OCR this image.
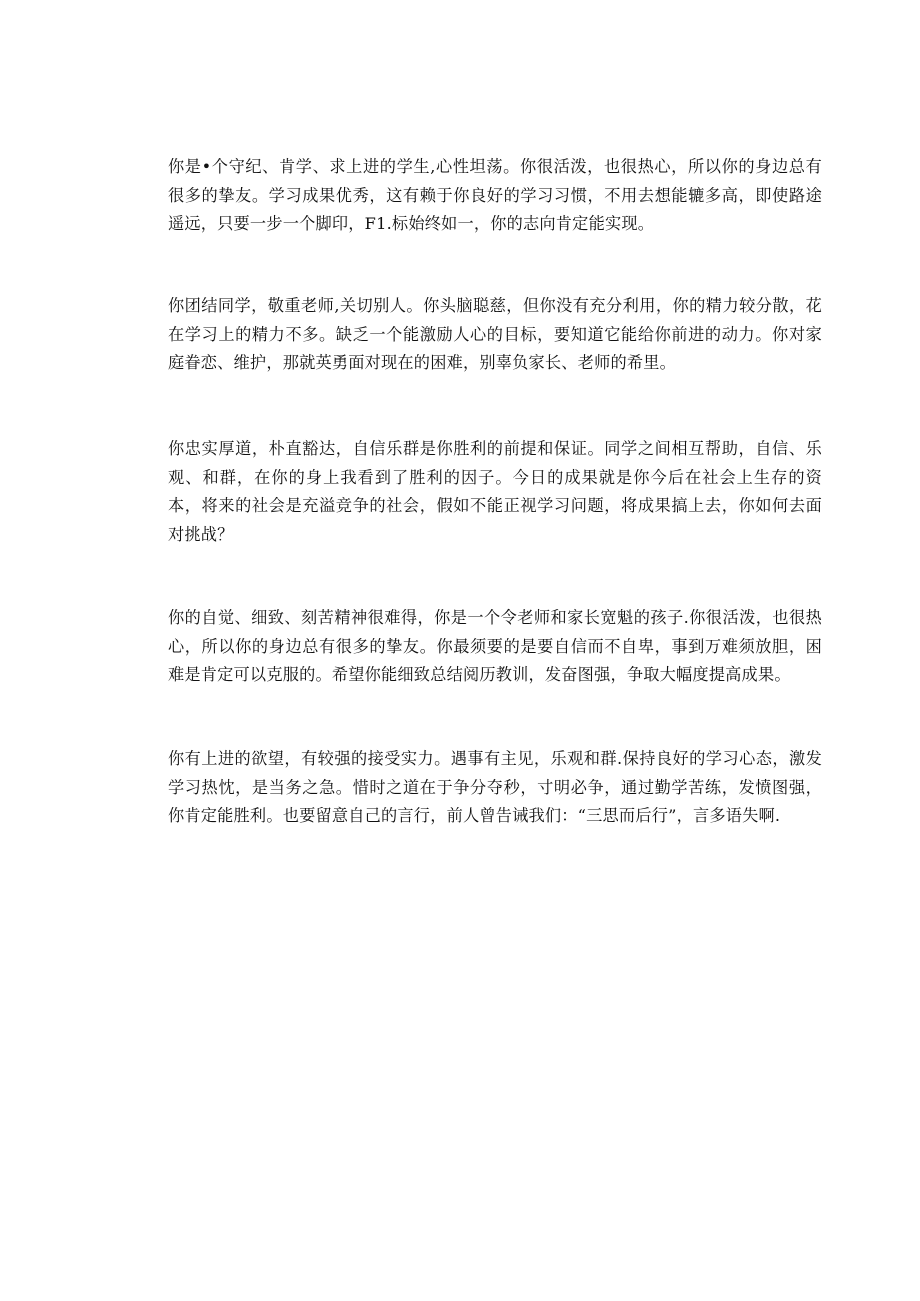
你是•个守纪、肯学、求上进的学生,心性坦荡。你很活泼，也很热心，所以你的身边总有很多的挚友。学习成果优秀，这有赖于你良好的学习习惯，不用去想能辘多高，即使路途遥远，只要一步一个脚印，F1.标始终如一，你的志向肯定能实现。

你团结同学，敬重老师,关切别人。你头脑聪慈，但你没有充分利用，你的精力较分散，花在学习上的精力不多。缺乏一个能激励人心的目标，要知道它能给你前进的动力。你对家庭眷恋、维护，那就英勇面对现在的困难，别辜负家长、老师的希里。

你忠实厚道，朴直豁达，自信乐群是你胜利的前提和保证。同学之间相互帮助，自信、乐观、和群，在你的身上我看到了胜利的因子。今日的成果就是你今后在社会上生存的资本，将来的社会是充溢竞争的社会，假如不能正视学习问题，将成果搞上去，你如何去面对挑战？

你的自觉、细致、刻苦精神很难得，你是一个令老师和家长宽魁的孩子.你很活泼，也很热心，所以你的身边总有很多的挚友。你最须要的是要自信而不自卑，事到万难须放胆，困难是肯定可以克服的。希望你能细致总结阅历教训，发奋图强，争取大幅度提高成果。

你有上进的欲望，有较强的接受实力。遇事有主见，乐观和群.保持良好的学习心态，激发学习热忱，是当务之急。惜时之道在于争分夺秒，寸明必争，通过勤学苦练，发愤图强，你肯定能胜利。也要留意自己的言行，前人曾告诫我们：“三思而后行”，言多语失啊.
